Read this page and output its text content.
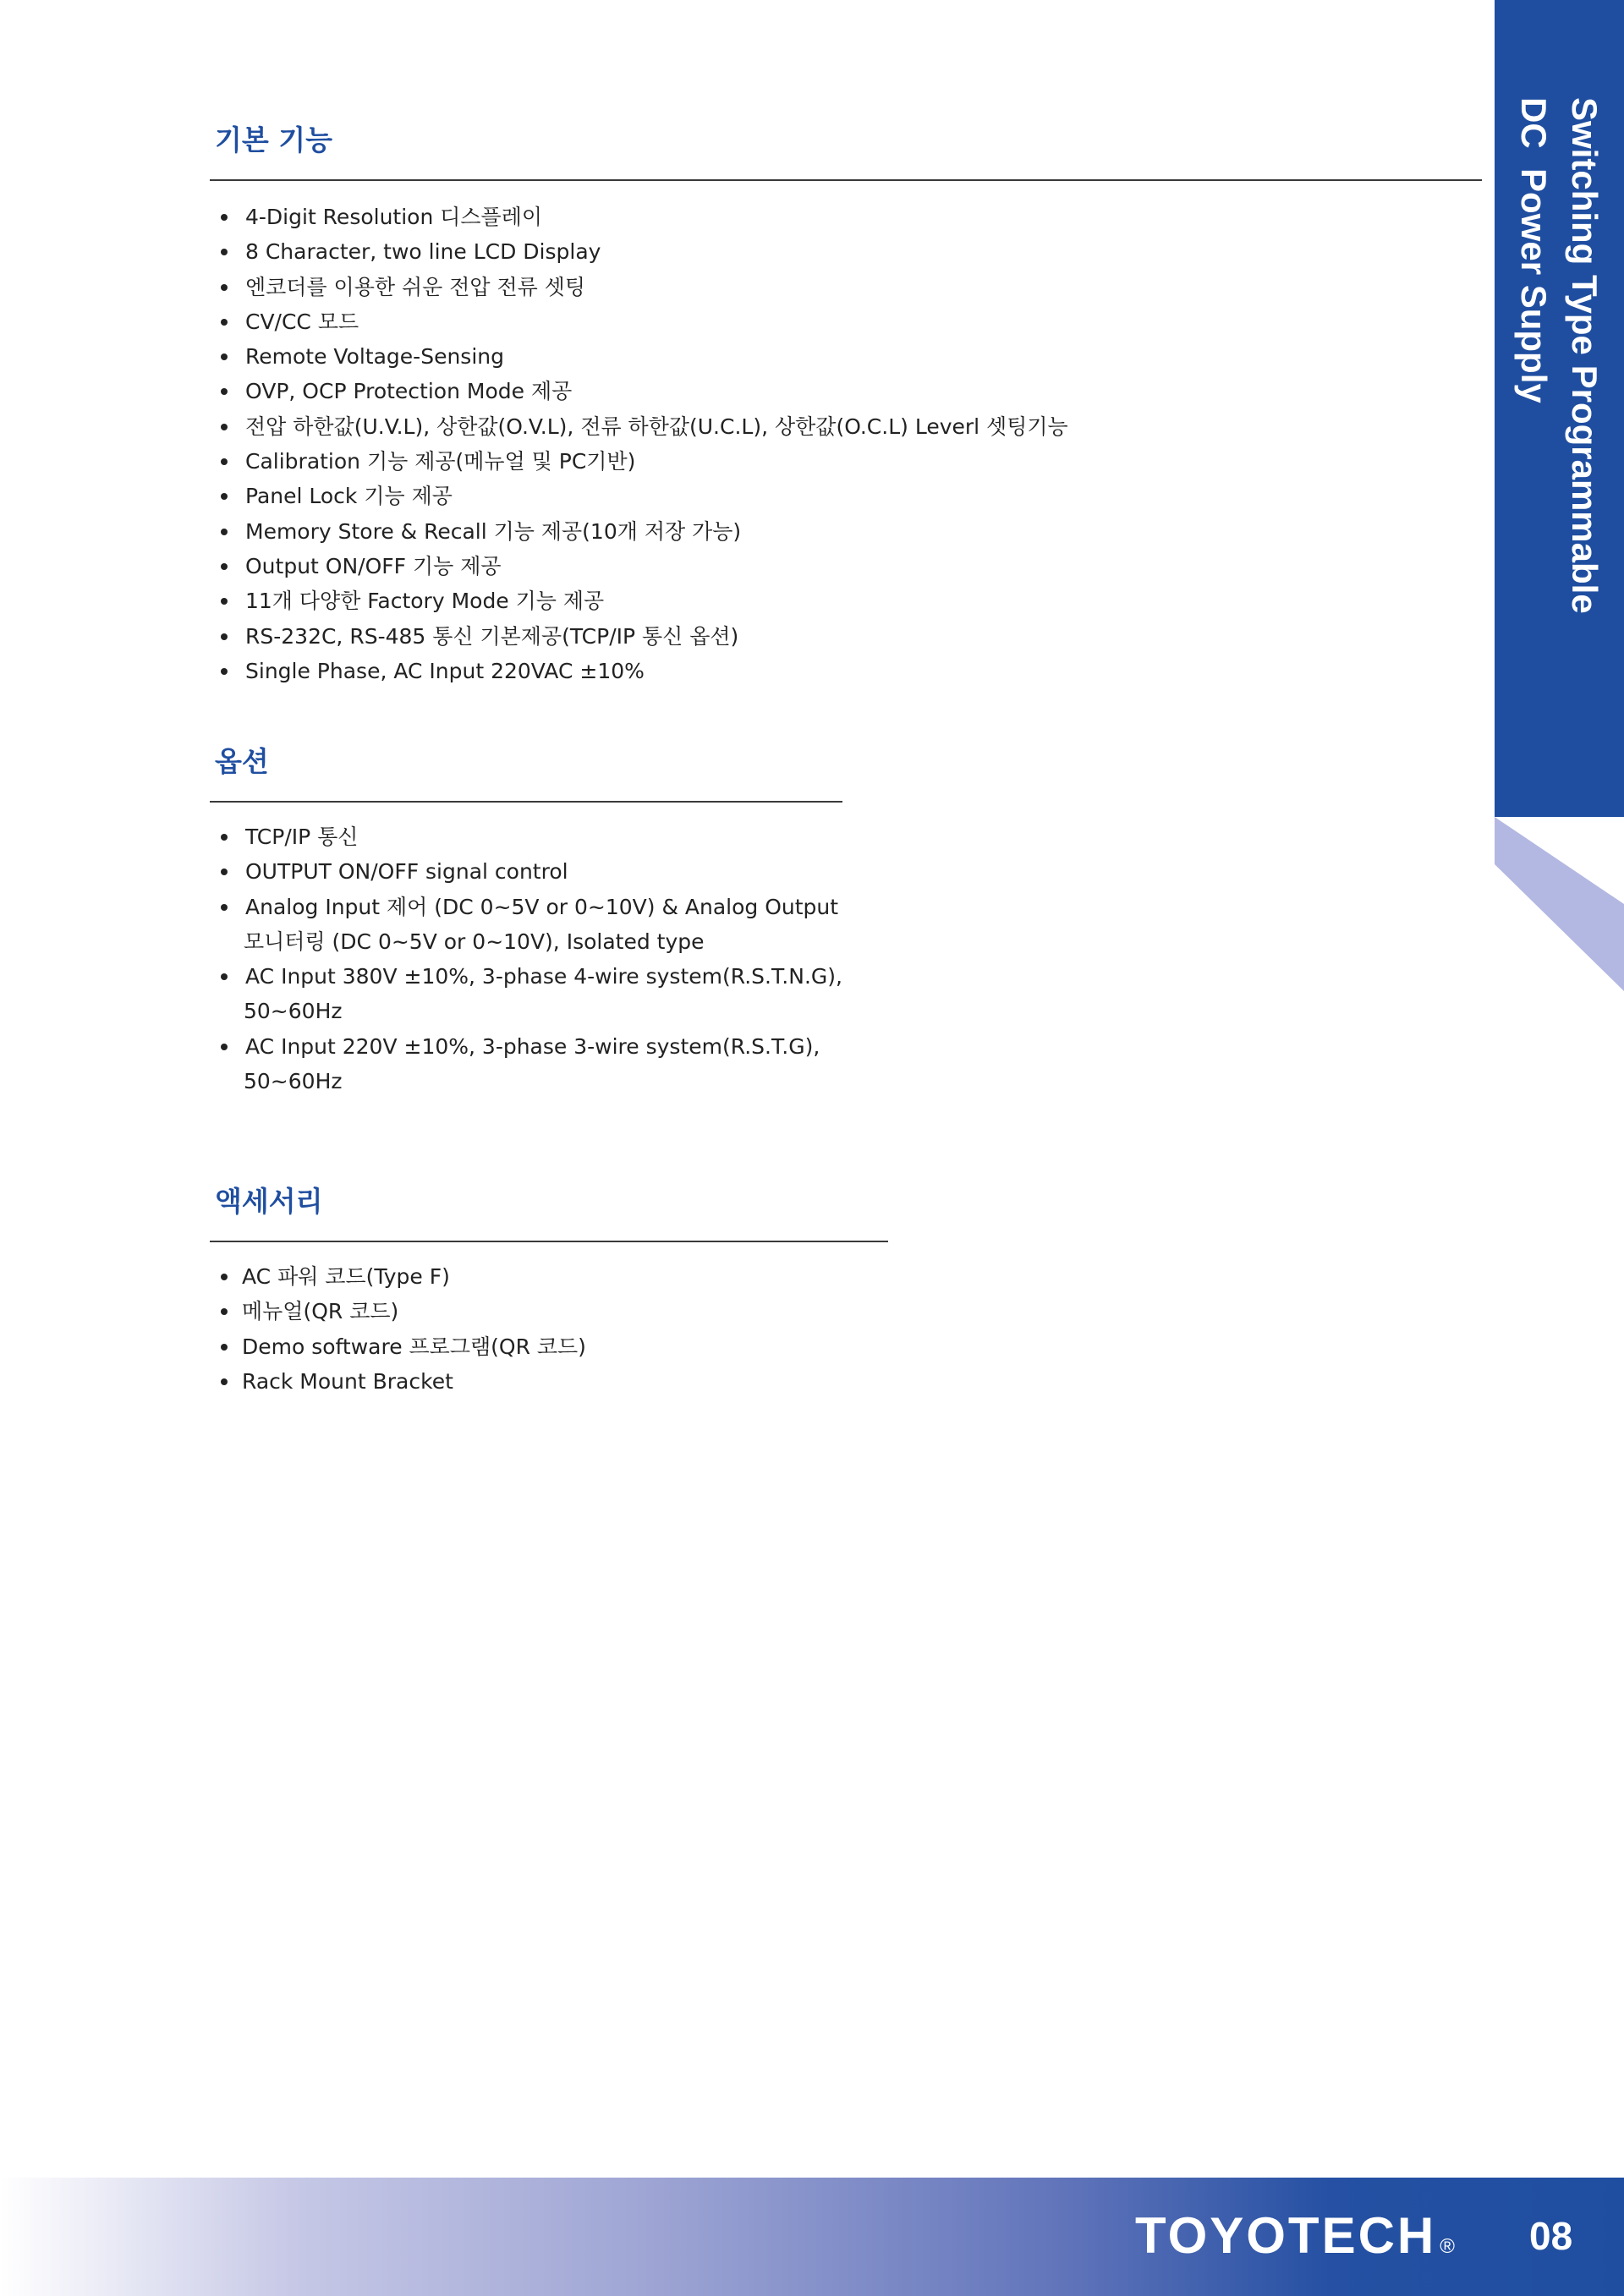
Switching Type Programmable
DC  Power Supply
기본 기능
4-Digit Resolution 디스플레이
8 Character, two line LCD Display
엔코더를 이용한 쉬운 전압 전류 셋팅
CV/CC 모드
Remote Voltage-Sensing
OVP, OCP Protection Mode 제공
전압 하한값(U.V.L), 상한값(O.V.L), 전류 하한값(U.C.L), 상한값(O.C.L) Leverl 셋팅기능
Calibration 기능 제공(메뉴얼 및 PC기반)
Panel Lock 기능 제공
Memory Store & Recall 기능 제공(10개 저장 가능)
Output ON/OFF 기능 제공
11개 다양한 Factory Mode 기능 제공
RS-232C, RS-485 통신 기본제공(TCP/IP 통신 옵션)
Single Phase, AC Input 220VAC ±10%
옵션
TCP/IP 통신
OUTPUT ON/OFF signal control
Analog Input 제어 (DC 0~5V or 0~10V) & Analog Output
모니터링 (DC 0~5V or 0~10V), Isolated type
AC Input 380V ±10%, 3-phase 4-wire system(R.S.T.N.G),
50~60Hz
AC Input 220V ±10%, 3-phase 3-wire system(R.S.T.G),
50~60Hz
액세서리
AC 파워 코드(Type F)
메뉴얼(QR 코드)
Demo software 프로그램(QR 코드)
Rack Mount Bracket
TOYOTECH ® 08
